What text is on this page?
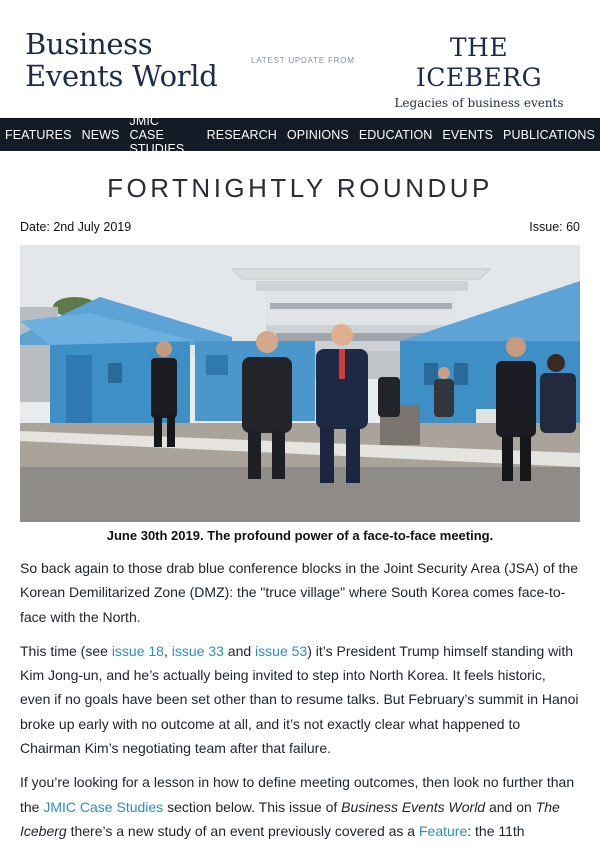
Business
Events World	LATEST UPDATE FROM	THE ICEBERG
Legacies of business events
FEATURES NEWS
JMIC CASE STUDIES
RESEARCH OPINIONS EDUCATION EVENTS PUBLICATIONS
FORTNIGHTLY ROUNDUP
Date: 2nd July 2019	Issue: 60
June 30th 2019. The profound power of a face-to-face meeting.

So back again to those drab blue conference blocks in the Joint Security Area (JSA) of the Korean Demilitarized Zone (DMZ): the "truce village" where South Korea comes face-to-face with the North.

This time (see issue 18, issue 33 and issue 53) it’s President Trump himself standing with Kim Jong-un, and he’s actually being invited to step into North Korea. It feels historic, even if no goals have been set other than to resume talks. But February’s summit in Hanoi broke up early with no outcome at all, and it’s not exactly clear what happened to Chairman Kim’s negotiating team after that failure.

If you’re looking for a lesson in how to define meeting outcomes, then look no further than the JMIC Case Studies section below. This issue of Business Events World and on The Iceberg there’s a new study of an event previously covered as a Feature: the 11th
